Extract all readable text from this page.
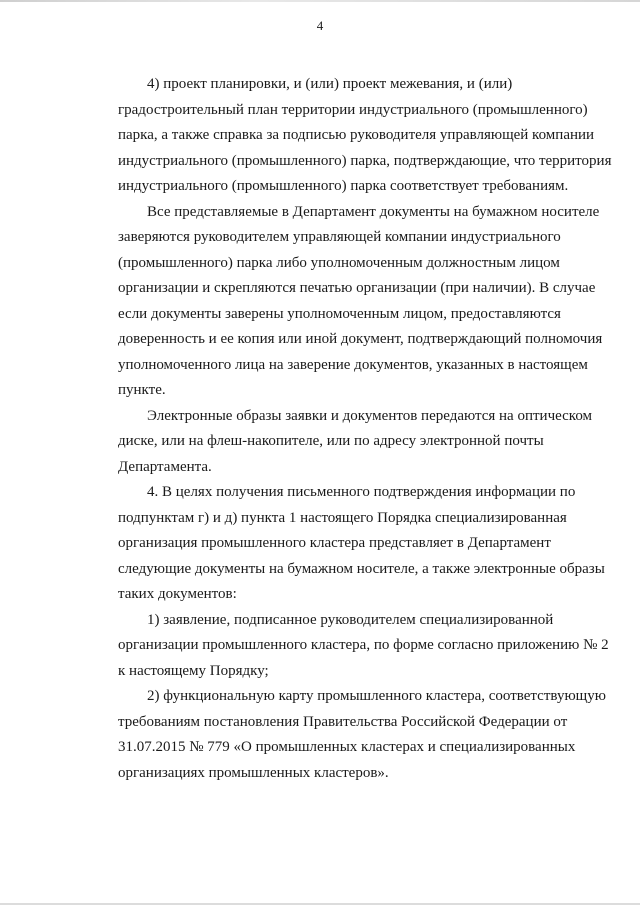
4

4) проект планировки, и (или) проект межевания, и (или)
градостроительный план территории индустриального (промышленного)
парка, а также справка за подписью руководителя управляющей компании
индустриального (промышленного) парка, подтверждающие, что территория
индустриального (промышленного) парка соответствует требованиям.

Все представляемые в Департамент документы на бумажном носителе
заверяются руководителем управляющей компании индустриального
(промышленного) парка либо уполномоченным должностным лицом
организации и скрепляются печатью организации (при наличии). В случае
если документы заверены уполномоченным лицом, предоставляются
доверенность и ее копия или иной документ, подтверждающий полномочия
уполномоченного лица на заверение документов, указанных в настоящем
пункте.

Электронные образы заявки и документов передаются на оптическом
диске, или на флеш-накопителе, или по адресу электронной почты
Департамента.

4. В целях получения письменного подтверждения информации по
подпунктам г) и д) пункта 1 настоящего Порядка специализированная
организация промышленного кластера представляет в Департамент
следующие документы на бумажном носителе, а также электронные образы
таких документов:

1) заявление, подписанное руководителем специализированной
организации промышленного кластера, по форме согласно приложению № 2
к настоящему Порядку;

2) функциональную карту промышленного кластера, соответствующую
требованиям постановления Правительства Российской Федерации от
31.07.2015 № 779 «О промышленных кластерах и специализированных
организациях промышленных кластеров».
